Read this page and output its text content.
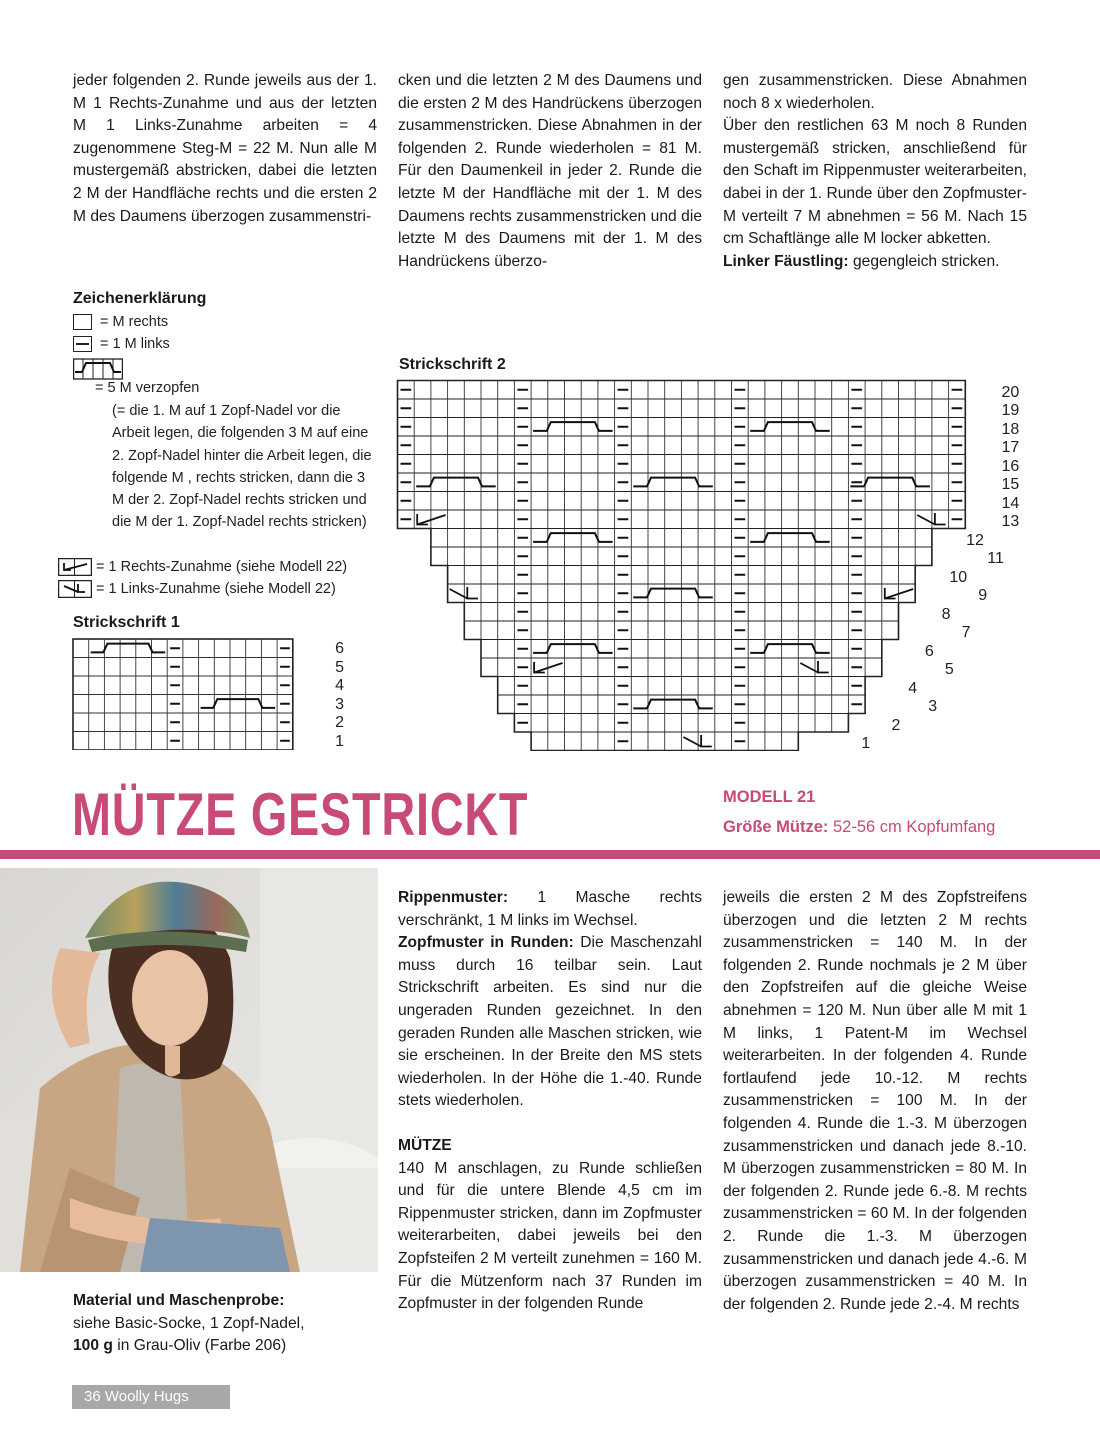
jeder folgenden 2. Runde jeweils aus der 1. M 1 Rechts-Zunahme und aus der letzten M 1 Links-Zunahme arbeiten = 4 zugenommene Steg-M = 22 M. Nun alle M mustergemäß abstricken, dabei die letzten 2 M der Handfläche rechts und die ersten 2 M des Daumens überzogen zusammenstri-

cken und die letzten 2 M des Daumens und die ersten 2 M des Handrückens überzogen zusammenstricken. Diese Abnahmen in der folgenden 2. Runde wiederholen = 81 M. Für den Daumenkeil in jeder 2. Runde die letzte M der Handfläche mit der 1. M des Daumens rechts zusammenstricken und die letzte M des Daumens mit der 1. M des Handrückens überzo-

gen zusammenstricken. Diese Abnahmen noch 8 x wiederholen.

Über den restlichen 63 M noch 8 Runden mustergemäß stricken, anschließend für den Schaft im Rippenmuster weiterarbeiten, dabei in der 1. Runde über den Zopfmuster-M verteilt 7 M abnehmen = 56 M. Nach 15 cm Schaftlänge alle M locker abketten.

Linker Fäustling: gegengleich stricken.

Zeichenerklärung
= M rechts
= 1 M links
= 5 M verzopfen
(= die 1. M auf 1 Zopf-Nadel vor die Arbeit legen, die folgenden 3 M auf eine 2. Zopf-Nadel hinter die Arbeit legen, die folgende M , rechts stricken, dann die 3 M der 2. Zopf-Nadel rechts stricken und die M der 1. Zopf-Nadel rechts stricken)
= 1 Rechts-Zunahme (siehe Modell 22)
= 1 Links-Zunahme (siehe Modell 22)
Strickschrift 1
6
5
4
3
2
1
Strickschrift 2
20
19
18
17
16
15
14
13
12
11
10
9
8
7
6
5
4
3
2
1
MÜTZE GESTRICKT	MODELL 21
Größe Mütze: 52-56 cm Kopfumfang

Material und Maschenprobe:

siehe Basic-Socke, 1 Zopf-Nadel,

100 g in Grau-Oliv (Farbe 206)

Rippenmuster: 1 Masche rechts verschränkt, 1 M links im Wechsel.

Zopfmuster in Runden: Die Maschenzahl muss durch 16 teilbar sein. Laut Strickschrift arbeiten. Es sind nur die ungeraden Runden gezeichnet. In den geraden Runden alle Maschen stricken, wie sie erscheinen. In der Breite den MS stets wiederholen. In der Höhe die 1.-40. Runde stets wiederholen.

MÜTZE

140 M anschlagen, zu Runde schließen und für die untere Blende 4,5 cm im Rippenmuster stricken, dann im Zopfmuster weiterarbeiten, dabei jeweils bei den Zopfsteifen 2 M verteilt zunehmen = 160 M. Für die Mützenform nach 37 Runden im Zopfmuster in der folgenden Runde

jeweils die ersten 2 M des Zopfstreifens überzogen und die letzten 2 M rechts zusammenstricken = 140 M. In der folgenden 2. Runde nochmals je 2 M über den Zopfstreifen auf die gleiche Weise abnehmen = 120 M. Nun über alle M mit 1 M links, 1 Patent-M im Wechsel weiterarbeiten. In der folgenden 4. Runde fortlaufend jede 10.-12. M rechts zusammenstricken = 100 M. In der folgenden 4. Runde die 1.-3. M überzogen zusammenstricken und danach jede 8.-10. M überzogen zusammenstricken = 80 M. In der folgenden 2. Runde jede 6.-8. M rechts zusammenstricken = 60 M. In der folgenden 2. Runde die 1.-3. M überzogen zusammenstricken und danach jede 4.-6. M überzogen zusammenstricken = 40 M. In der folgenden 2. Runde jede 2.-4. M rechts

36 Woolly Hugs
